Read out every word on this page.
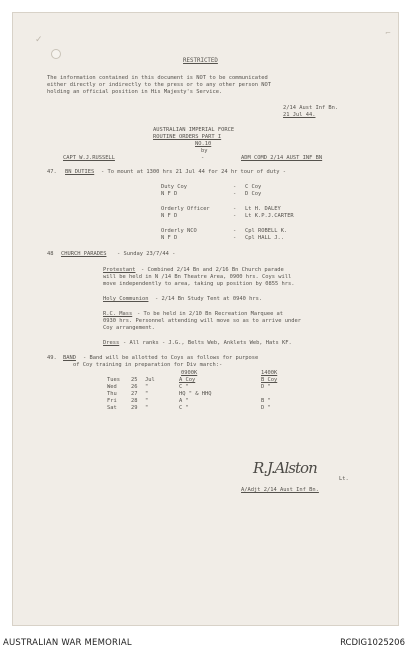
✓
⌐
RESTRICTED
The information contained in this document is NOT to be communicated
either directly or indirectly to the press or to any other person NOT
holding an official position in His Majesty's Service.
2/14 Aust Inf Bn.
21 Jul 44.
AUSTRALIAN IMPERIAL FORCE
ROUTINE ORDERS PART I
NO.10
by
CAPT W.J.RUSSELL	-	ADM COMD 2/14 AUST INF BN
47. BN DUTIES - To mount at 1300 hrs 21 Jul 44 for 24 hr tour of duty -
Duty Coy	- C Coy
N F D	- D Coy
Orderly Officer	- Lt H. DALEY
N F D	- Lt K.P.J.CARTER
Orderly NCO	- Cpl ROBELL K.
N F D	- Cpl HALL J..
48 CHURCH PARADES - Sunday 23/7/44 -
Protestant - Combined 2/14 Bn and 2/16 Bn Church parade
will be held in N /14 Bn Theatre Area, 0900 hrs. Coys will
move independently to area, taking up position by 0855 hrs.
Holy Communion - 2/14 Bn Study Tent at 0940 hrs.
R.C. Mass - To be held in 2/10 Bn Recreation Marquee at
0930 hrs. Personnel attending will move so as to arrive under
Coy arrangement.
Dress - All ranks - J.G., Belts Web, Anklets Web, Hats KF.
49. BAND - Band will be allotted to Coys as follows for purpose
of Coy training in preparation for Div march:-
0900K	1400K
Tues 25 Jul	A Coy	B Coy
Wed	26 "	C "	D "
Thu	27 "	HQ " & HHQ
Fri	28 "	A "	B "
Sat	29 "	C "	D "
R.J.Alston
Lt.
A/Adjt 2/14 Aust Inf Bn.
AUSTRALIAN WAR MEMORIAL	RCDIG1025206
